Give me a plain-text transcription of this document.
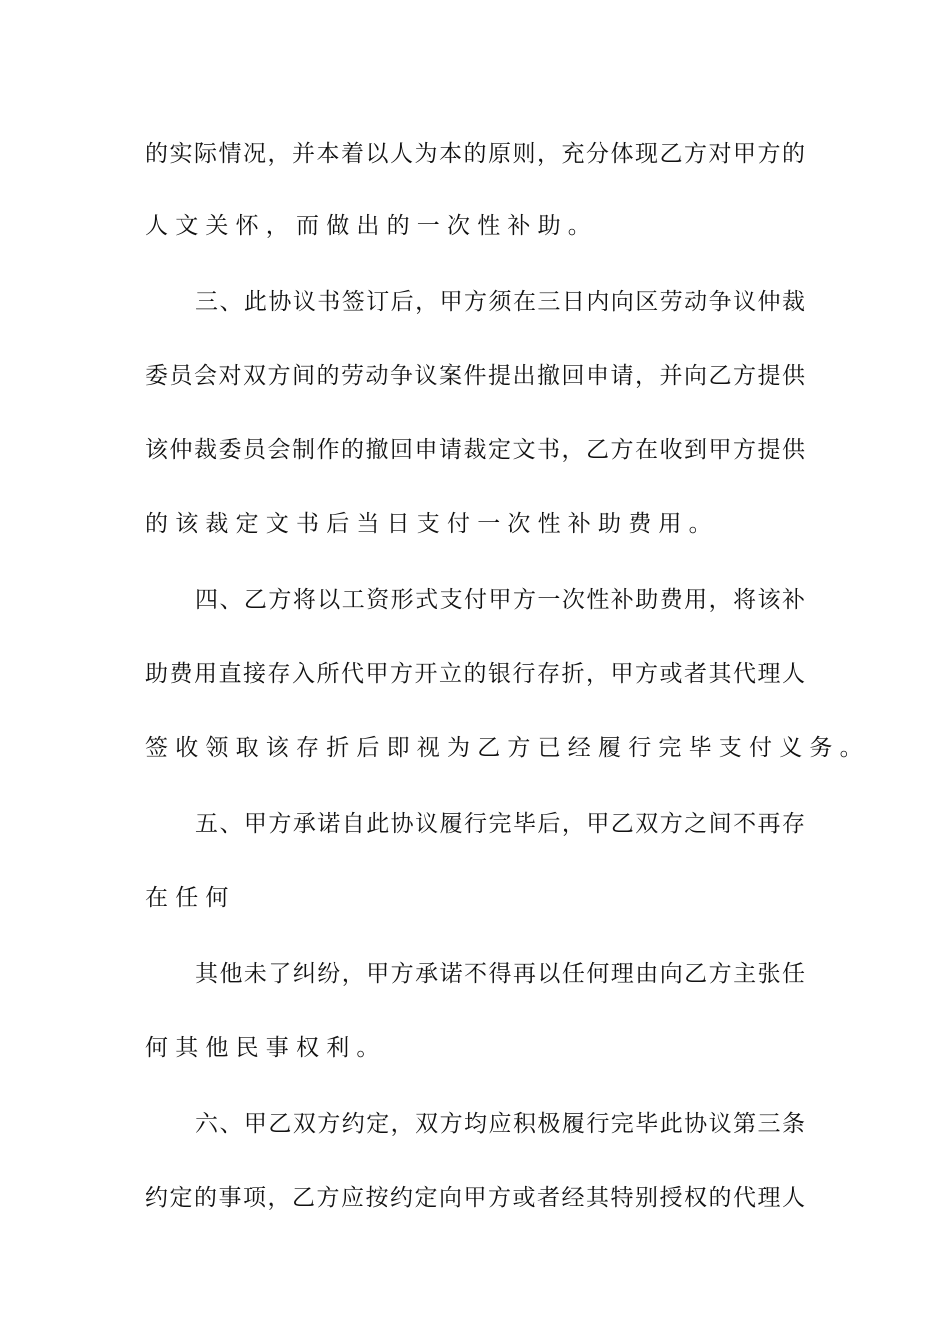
的实际情况，并本着以人为本的原则，充分体现乙方对甲方的
人文关怀，而做出的一次性补助。
三、此协议书签订后，甲方须在三日内向区劳动争议仲裁
委员会对双方间的劳动争议案件提出撤回申请，并向乙方提供
该仲裁委员会制作的撤回申请裁定文书，乙方在收到甲方提供
的该裁定文书后当日支付一次性补助费用。
四、乙方将以工资形式支付甲方一次性补助费用，将该补
助费用直接存入所代甲方开立的银行存折，甲方或者其代理人
签收领取该存折后即视为乙方已经履行完毕支付义务。
五、甲方承诺自此协议履行完毕后，甲乙双方之间不再存
在任何
其他未了纠纷，甲方承诺不得再以任何理由向乙方主张任
何其他民事权利。
六、甲乙双方约定，双方均应积极履行完毕此协议第三条
约定的事项，乙方应按约定向甲方或者经其特别授权的代理人
